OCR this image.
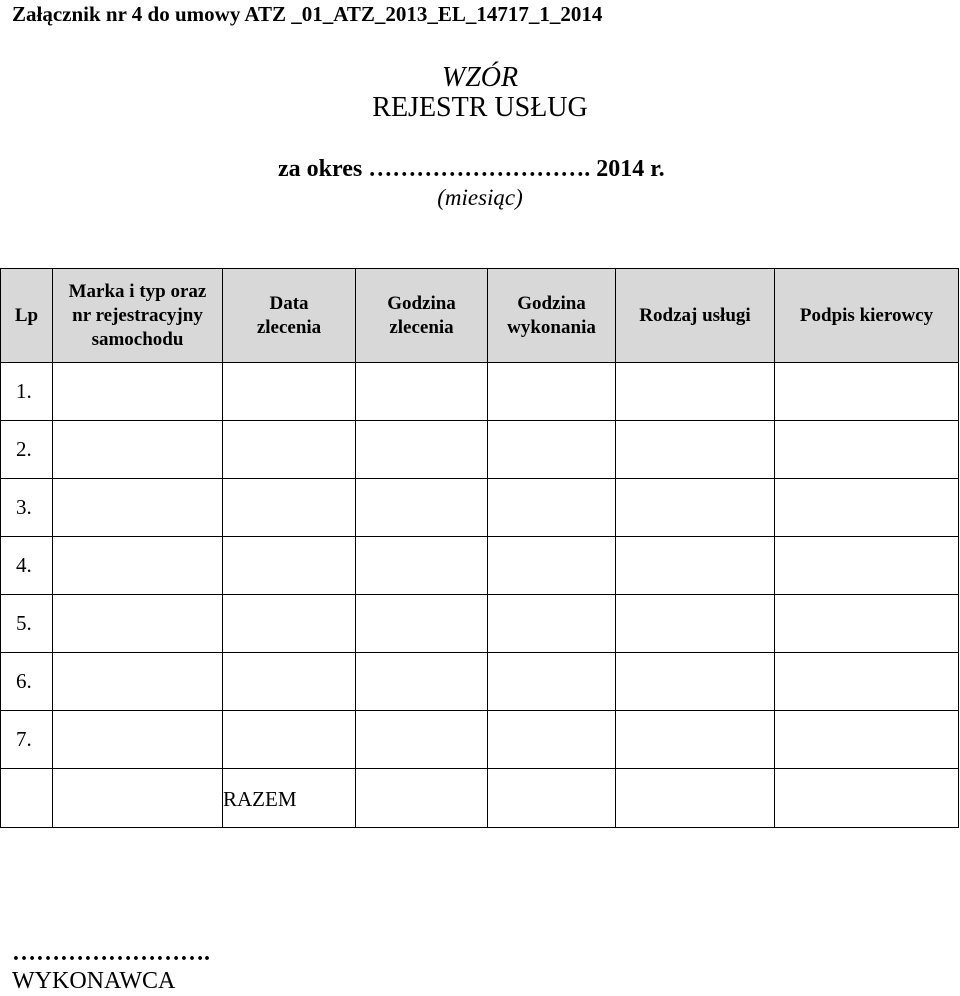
Załącznik nr 4 do umowy ATZ _01_ATZ_2013_EL_14717_1_2014
WZÓR
REJESTR USŁUG
za okres ………………………. 2014 r.
(miesiąc)
Lp	Marka i typ oraz nr rejestracyjny samochodu	Data zlecenia	Godzina zlecenia	Godzina wykonania	Rodzaj usługi	Podpis kierowcy
1.						
2.						
3.						
4.						
5.						
6.						
7.						
		RAZEM				
…………………….
WYKONAWCA
